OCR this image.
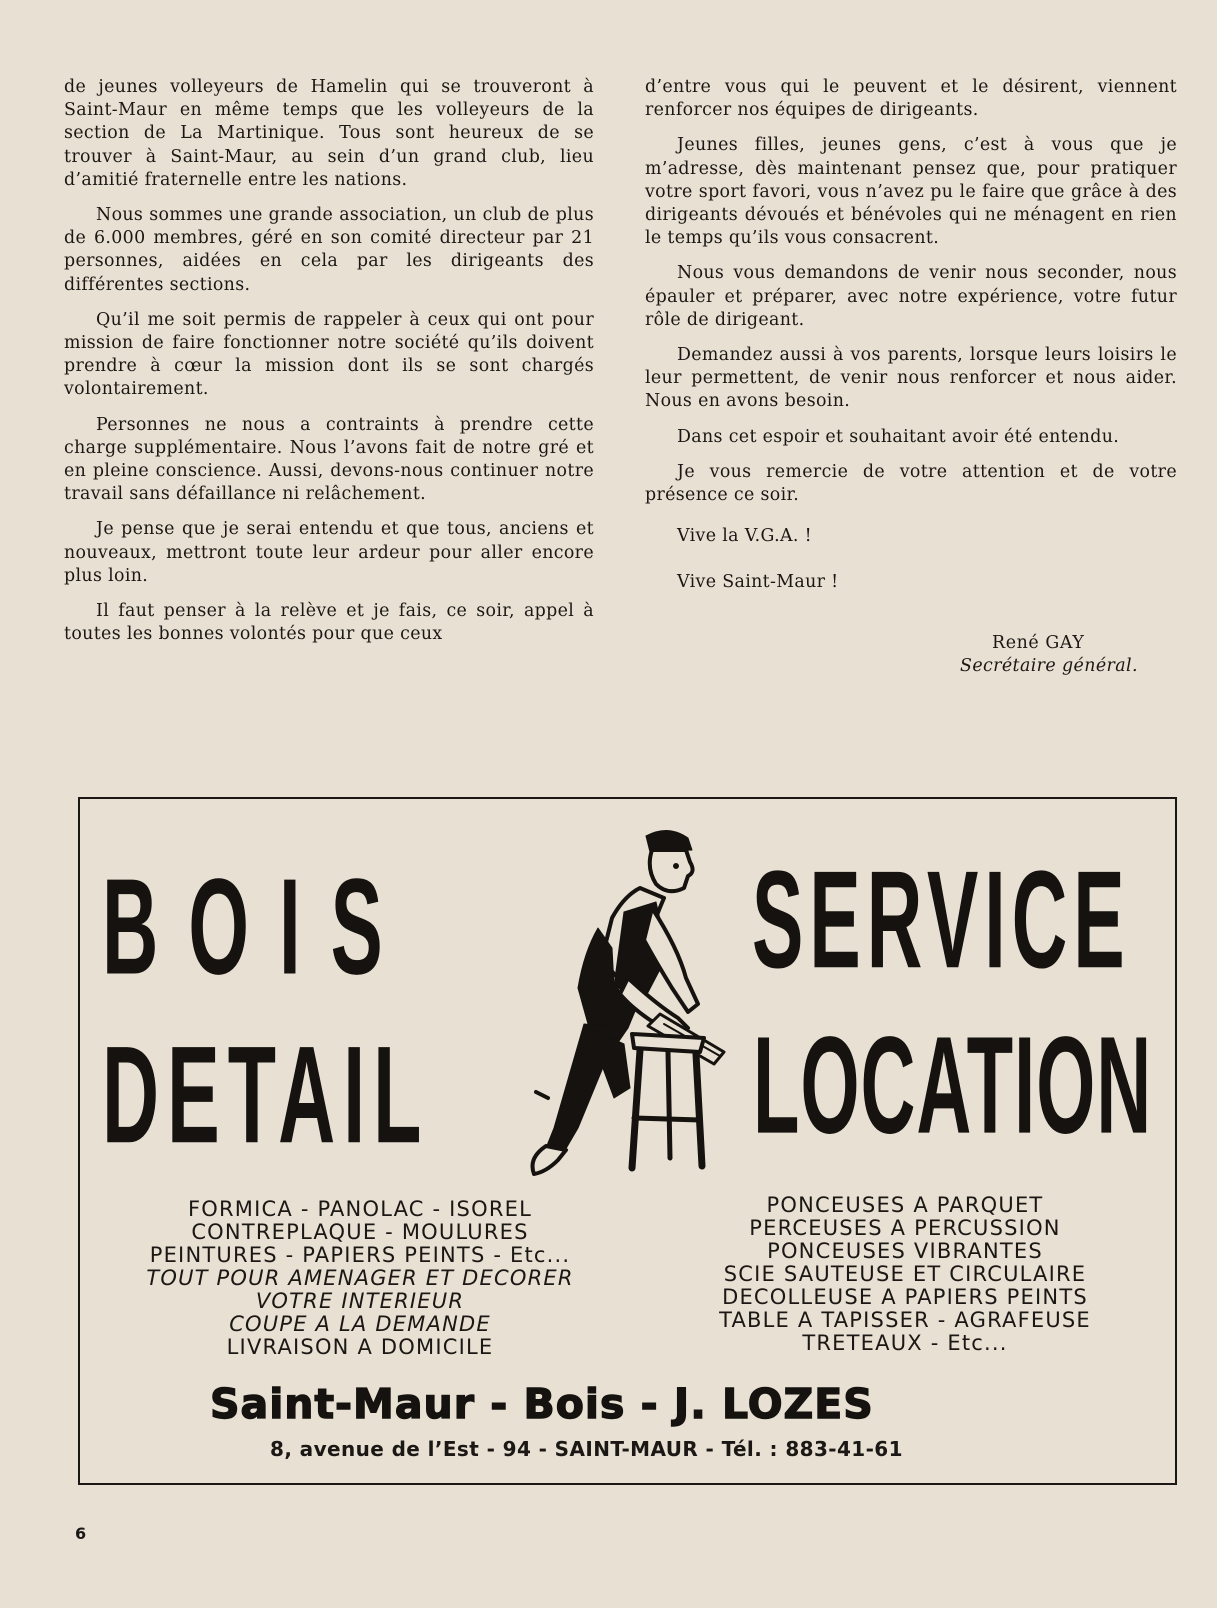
de jeunes volleyeurs de Hamelin qui se trouveront à Saint-Maur en même temps que les volleyeurs de la section de La Martinique. Tous sont heureux de se trouver à Saint-Maur, au sein d’un grand club, lieu d’amitié fraternelle entre les nations.

Nous sommes une grande association, un club de plus de 6.000 membres, géré en son comité directeur par 21 personnes, aidées en cela par les dirigeants des différentes sections.

Qu’il me soit permis de rappeler à ceux qui ont pour mission de faire fonctionner notre société qu’ils doivent prendre à cœur la mission dont ils se sont chargés volontairement.

Personnes ne nous a contraints à prendre cette charge supplémentaire. Nous l’avons fait de notre gré et en pleine conscience. Aussi, devons-nous continuer notre travail sans défaillance ni relâchement.

Je pense que je serai entendu et que tous, anciens et nouveaux, mettront toute leur ardeur pour aller encore plus loin.

Il faut penser à la relève et je fais, ce soir, appel à toutes les bonnes volontés pour que ceux

d’entre vous qui le peuvent et le désirent, viennent renforcer nos équipes de dirigeants.

Jeunes filles, jeunes gens, c’est à vous que je m’adresse, dès maintenant pensez que, pour pratiquer votre sport favori, vous n’avez pu le faire que grâce à des dirigeants dévoués et bénévoles qui ne ménagent en rien le temps qu’ils vous consacrent.

Nous vous demandons de venir nous seconder, nous épauler et préparer, avec notre expérience, votre futur rôle de dirigeant.

Demandez aussi à vos parents, lorsque leurs loisirs le leur permettent, de venir nous renforcer et nous aider. Nous en avons besoin.

Dans cet espoir et souhaitant avoir été entendu.

Je vous remercie de votre attention et de votre présence ce soir.

Vive la V.G.A. !

Vive Saint-Maur !

René GAY
Secrétaire général.
BOIS
DETAIL
SERVICE
LOCATION
FORMICA - PANOLAC - ISOREL
CONTREPLAQUE - MOULURES
PEINTURES - PAPIERS PEINTS - Etc...
TOUT POUR AMENAGER ET DECORER
VOTRE INTERIEUR
COUPE A LA DEMANDE
LIVRAISON A DOMICILE
PONCEUSES A PARQUET
PERCEUSES A PERCUSSION
PONCEUSES VIBRANTES
SCIE SAUTEUSE ET CIRCULAIRE
DECOLLEUSE A PAPIERS PEINTS
TABLE A TAPISSER - AGRAFEUSE
TRETEAUX - Etc...
Saint-Maur - Bois - J. LOZES
8, avenue de l’Est - 94 - SAINT-MAUR - Tél. : 883-41-61
6
